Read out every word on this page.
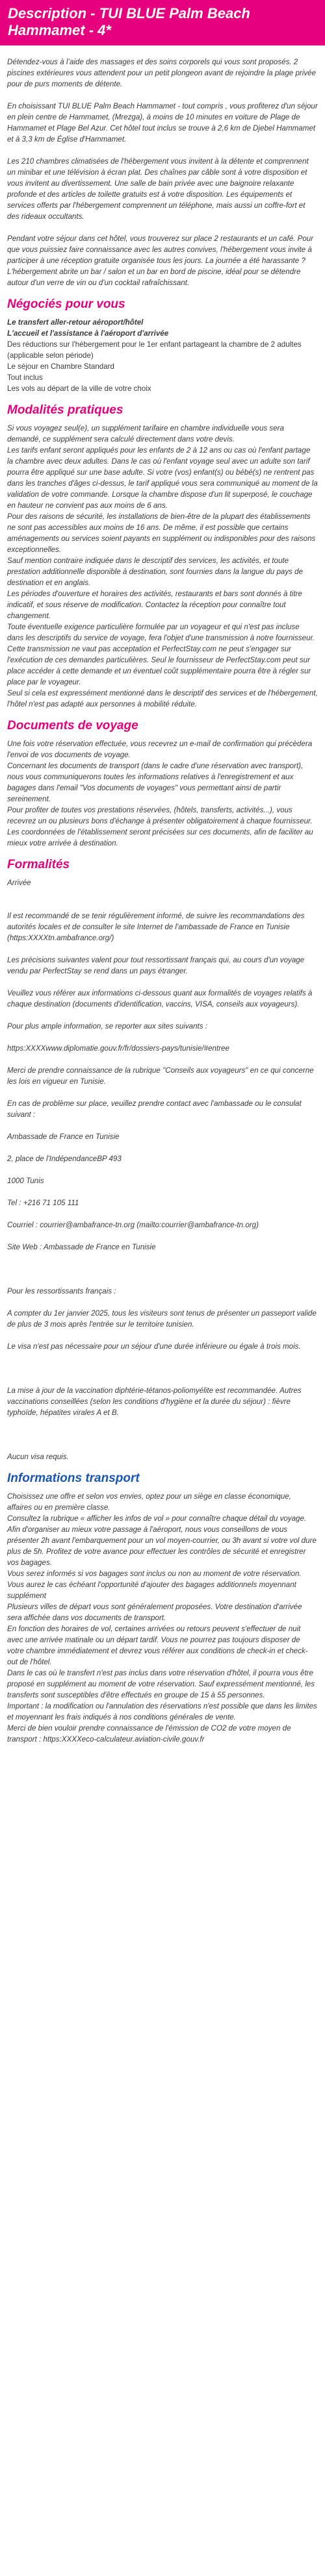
Description - TUI BLUE Palm Beach Hammamet - 4*

Détendez-vous à l’aide des massages et des soins corporels qui vous sont proposés. 2 piscines extérieures vous attendent pour un petit plongeon avant de rejoindre la plage privée pour de purs moments de détente.

En choisissant TUI BLUE Palm Beach Hammamet - tout compris , vous profiterez d'un séjour en plein centre de Hammamet, (Mrezga), à moins de 10 minutes en voiture de Plage de Hammamet et Plage Bel Azur. Cet hôtel tout inclus se trouve à 2,6 km de Djebel Hammamet et à 3,3 km de Église d'Hammamet.

Les 210 chambres climatisées de l'hébergement vous invitent à la détente et comprennent un minibar et une télévision à écran plat. Des chaînes par câble sont à votre disposition et vous invitent au divertissement. Une salle de bain privée avec une baignoire relaxante profonde et des articles de toilette gratuits est à votre disposition. Les équipements et services offerts par l'hébergement comprennent un téléphone, mais aussi un coffre-fort et des rideaux occultants.

Pendant votre séjour dans cet hôtel, vous trouverez sur place 2 restaurants et un café. Pour que vous puissiez faire connaissance avec les autres convives, l'hébergement vous invite à participer à une réception gratuite organisée tous les jours. La journée a été harassante ? L'hébergement abrite un bar / salon et un bar en bord de piscine, idéal pour se détendre autour d'un verre de vin ou d'un cocktail rafraîchissant.

Négociés pour vous

Le transfert aller-retour aéroport/hôtel

L'accueil et l'assistance à l'aéroport d'arrivée

Des réductions sur l'hébergement pour le 1er enfant partageant la chambre de 2 adultes (applicable selon période)

Le séjour en Chambre Standard

Tout inclus

Les vols au départ de la ville de votre choix

Modalités pratiques

Si vous voyagez seul(e), un supplément tarifaire en chambre individuelle vous sera demandé, ce supplément sera calculé directement dans votre devis.

Les tarifs enfant seront appliqués pour les enfants de 2 à 12 ans ou cas où l'enfant partage la chambre avec deux adultes. Dans le cas où l'enfant voyage seul avec un adulte son tarif pourra être appliqué sur une base adulte. Si votre (vos) enfant(s) ou bébé(s) ne rentrent pas dans les tranches d'âges ci-dessus, le tarif appliqué vous sera communiqué au moment de la validation de votre commande. Lorsque la chambre dispose d'un lit superposé, le couchage en hauteur ne convient pas aux moins de 6 ans.

Pour des raisons de sécurité, les installations de bien-être de la plupart des établissements ne sont pas accessibles aux moins de 16 ans. De même, il est possible que certains aménagements ou services soient payants en supplément ou indisponibles pour des raisons exceptionnelles.

Sauf mention contraire indiquée dans le descriptif des services, les activités, et toute prestation additionnelle disponible à destination, sont fournies dans la langue du pays de destination et en anglais.

Les périodes d'ouverture et horaires des activités, restaurants et bars sont donnés à titre indicatif, et sous réserve de modification. Contactez la réception pour connaître tout changement.

Toute éventuelle exigence particulière formulée par un voyageur et qui n'est pas incluse dans les descriptifs du service de voyage, fera l'objet d'une transmission à notre fournisseur. Cette transmission ne vaut pas acceptation et PerfectStay.com ne peut s'engager sur l'exécution de ces demandes particulières. Seul le fournisseur de PerfectStay.com peut sur place accéder à cette demande et un éventuel coût supplémentaire pourra être à régler sur place par le voyageur.

Seul si cela est expressément mentionné dans le descriptif des services et de l'hébergement, l'hôtel n'est pas adapté aux personnes à mobilité réduite.

Documents de voyage

Une fois votre réservation effectuée, vous recevrez un e-mail de confirmation qui précèdera l'envoi de vos documents de voyage.

Concernant les documents de transport (dans le cadre d'une réservation avec transport), nous vous communiquerons toutes les informations relatives à l'enregistrement et aux bagages dans l'email "Vos documents de voyages" vous permettant ainsi de partir sereinement.

Pour profiter de toutes vos prestations réservées, (hôtels, transferts, activités...), vous recevrez un ou plusieurs bons d'échange à présenter obligatoirement à chaque fournisseur.

Les coordonnées de l'établissement seront précisées sur ces documents, afin de faciliter au mieux votre arrivée à destination.

Formalités

Arrivée

Il est recommandé de se tenir régulièrement informé, de suivre les recommandations des autorités locales et de consulter le site Internet de l'ambassade de France en Tunisie (https:XXXXtn.ambafrance.org/)

Les précisions suivantes valent pour tout ressortissant français qui, au cours d'un voyage vendu par PerfectStay se rend dans un pays étranger.

Veuillez vous référer aux informations ci-dessous quant aux formalités de voyages relatifs à chaque destination (documents d'identification, vaccins, VISA, conseils aux voyageurs).

Pour plus ample information, se reporter aux sites suivants :

https:XXXXwww.diplomatie.gouv.fr/fr/dossiers-pays/tunisie/#entree

Merci de prendre connaissance de la rubrique "Conseils aux voyageurs" en ce qui concerne les lois en vigueur en Tunisie.

En cas de problème sur place, veuillez prendre contact avec l'ambassade ou le consulat suivant :

Ambassade de France en Tunisie

2, place de l'IndépendanceBP 493

1000 Tunis

Tel : +216 71 105 111

Courriel : courrier@ambafrance-tn.org (mailto:courrier@ambafrance-tn.org)

Site Web : Ambassade de France en Tunisie

Pour les ressortissants français :

A compter du 1er janvier 2025, tous les visiteurs sont tenus de présenter un passeport valide de plus de 3 mois après l'entrée sur le territoire tunisien.

Le visa n'est pas nécessaire pour un séjour d'une durée inférieure ou égale à trois mois.

La mise à jour de la vaccination diphtérie-tétanos-poliomyélite est recommandée. Autres vaccinations conseillées (selon les conditions d'hygiène et la durée du séjour) : fièvre typhoïde, hépatites virales A et B.

Aucun visa requis.

Informations transport

Choisissez une offre et selon vos envies, optez pour un siège en classe économique, affaires ou en première classe.

Consultez la rubrique « afficher les infos de vol » pour connaître chaque détail du voyage.

Afin d'organiser au mieux votre passage à l'aéroport, nous vous conseillons de vous présenter 2h avant l'embarquement pour un vol moyen-courrier, ou 3h avant si votre vol dure plus de 5h. Profitez de votre avance pour effectuer les contrôles de sécurité et enregistrer vos bagages.

Vous serez informés si vos bagages sont inclus ou non au moment de votre réservation.

Vous aurez le cas échéant l'opportunité d'ajouter des bagages additionnels moyennant supplément

Plusieurs villes de départ vous sont généralement proposées. Votre destination d'arrivée sera affichée dans vos documents de transport.

En fonction des horaires de vol, certaines arrivées ou retours peuvent s'effectuer de nuit avec une arrivée matinale ou un départ tardif. Vous ne pourrez pas toujours disposer de votre chambre immédiatement et devrez vous référer aux conditions de check-in et check-out de l'hôtel.

Dans le cas où le transfert n'est pas inclus dans votre réservation d'hôtel, il pourra vous être proposé en supplément au moment de votre réservation. Sauf expressément mentionné, les transferts sont susceptibles d'être effectués en groupe de 15 à 55 personnes.

Important : la modification ou l'annulation des réservations n'est possible que dans les limites et moyennant les frais indiqués à nos conditions générales de vente.

Merci de bien vouloir prendre connaissance de l'émission de CO2 de votre moyen de transport : https:XXXXeco-calculateur.aviation-civile.gouv.fr
